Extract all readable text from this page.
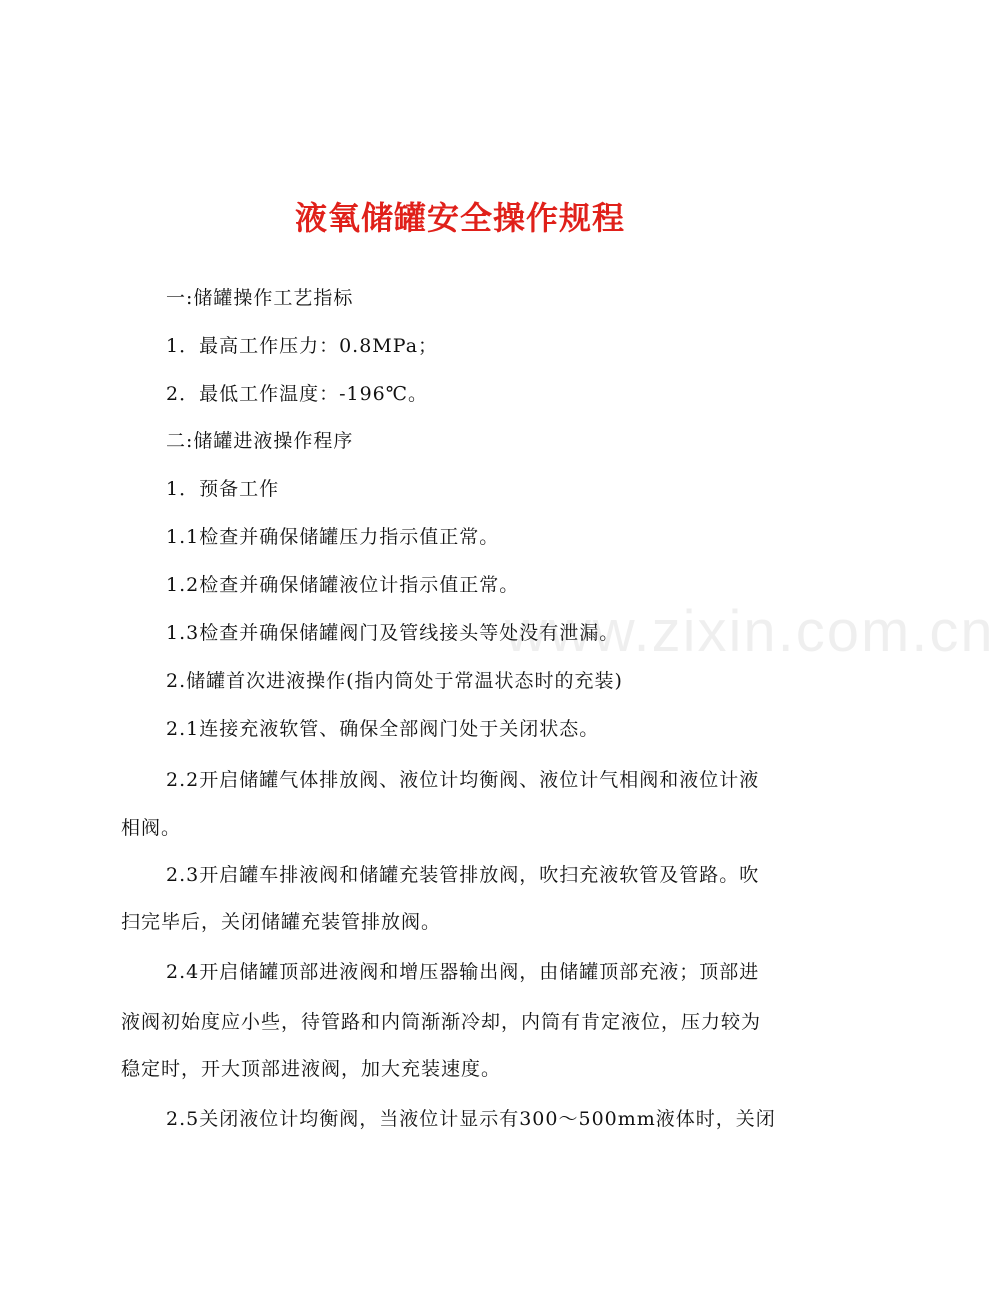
www.zixin.com.cn
液氧储罐安全操作规程
一:储罐操作工艺指标
1．最高工作压力：0.8MPa；
2．最低工作温度：-196℃。
二:储罐进液操作程序
1．预备工作
1.1检查并确保储罐压力指示值正常。
1.2检查并确保储罐液位计指示值正常。
1.3检查并确保储罐阀门及管线接头等处没有泄漏。
2.储罐首次进液操作(指内筒处于常温状态时的充装)
2.1连接充液软管、确保全部阀门处于关闭状态。
2.2开启储罐气体排放阀、液位计均衡阀、液位计气相阀和液位计液
相阀。
2.3开启罐车排液阀和储罐充装管排放阀，吹扫充液软管及管路。吹
扫完毕后，关闭储罐充装管排放阀。
2.4开启储罐顶部进液阀和增压器输出阀，由储罐顶部充液；顶部进
液阀初始度应小些，待管路和内筒渐渐冷却，内筒有肯定液位，压力较为
稳定时，开大顶部进液阀，加大充装速度。
2.5关闭液位计均衡阀，当液位计显示有300～500mm液体时，关闭
